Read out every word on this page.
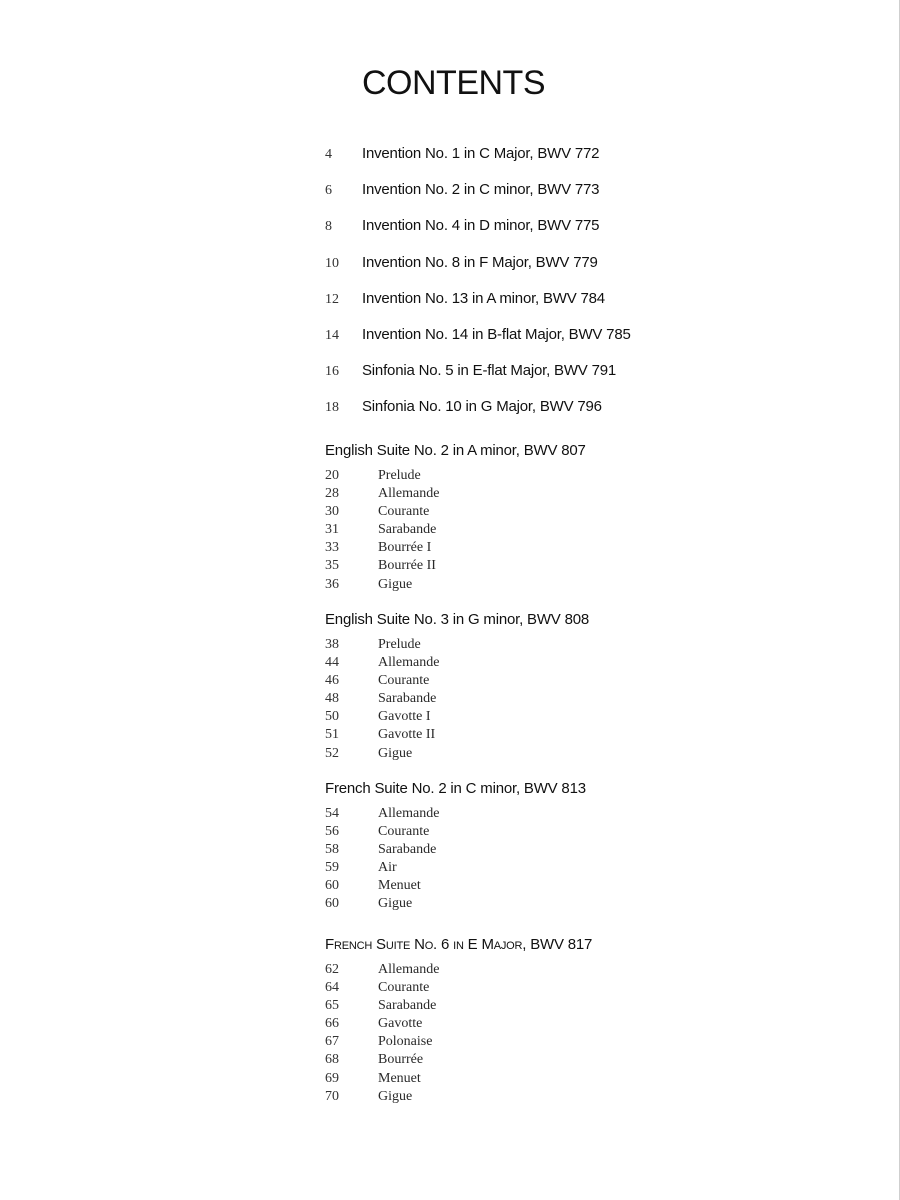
CONTENTS
4	Invention No. 1 in C Major, BWV 772
6	Invention No. 2 in C minor, BWV 773
8	Invention No. 4 in D minor, BWV 775
10	Invention No. 8 in F Major, BWV 779
12	Invention No. 13 in A minor, BWV 784
14	Invention No. 14 in B-flat Major, BWV 785
16	Sinfonia No. 5 in E-flat Major, BWV 791
18	Sinfonia No. 10 in G Major, BWV 796
English Suite No. 2 in A minor, BWV 807
20	Prelude
28	Allemande
30	Courante
31	Sarabande
33	Bourrée I
35	Bourrée II
36	Gigue
English Suite No. 3 in G minor, BWV 808
38	Prelude
44	Allemande
46	Courante
48	Sarabande
50	Gavotte I
51	Gavotte II
52	Gigue
French Suite No. 2 in C minor, BWV 813
54	Allemande
56	Courante
58	Sarabande
59	Air
60	Menuet
60	Gigue
French Suite No. 6 in E Major, BWV 817
62	Allemande
64	Courante
65	Sarabande
66	Gavotte
67	Polonaise
68	Bourrée
69	Menuet
70	Gigue
